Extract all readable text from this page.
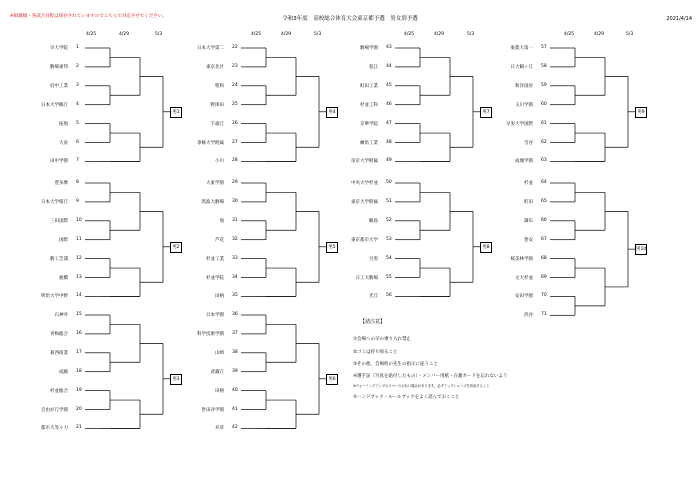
※掲載順・各試合日程は保存されていますのでこちらで対応させてください。	令和3年度　高校総合体育大会東京都予選　男女別予選	2021/4/14
4/25	4/29	5/3	4/25	4/29	5/3	4/25	4/29	5/3	4/25	4/29	5/3
早大学院 1
駒場東邦 2
府中工業 3
日本大学鶴丘 4
拓殖 5
大泉 6
田中学園 7
男1
豊多摩 8
日本大学桜丘 9
三田国際 10
国際 11
駒工芝浦 12
板橋 13
明治大学中野 14
男2
石神井 15
青梅総合 16
葛西商業 17
成蹊 18
杉並総合 19
自由が丘学園 20
都市大等々力 21
男3
日本大学第二 22
東京北区 23
聖和 24
野津田 25
千歳丘 26
専修大学附属 27
小川 28
男4
大東学園 29
筑波大駒場 30
飛 31
芦花 32
杉並工業 33
杉並学院 34
田柄 35
男5
日本学園 36
科学技術学園 37
山崎 38
武蔵丘 39
田柄 40
世田谷学園 41
井草 42
男6
駒場学園 43
狛江 44
町田工業 45
杉並工科 46
京華学院 47
練馬工業 48
帝京大学附属 49
男7
中央大学杉並 50
東京大学附属 51
鶴島 52
東京都市大学 53
目黒 54
日工大駒場 55
光丘 56
男8
東農大第一 57
日大鶴ヶ丘 58
和洋国府 59
玉川学園 60
早実大学国際 61
雪谷 62
成城学園 63
男9
杉並 64
町田 65
調布 66
豊安 67
桜美林学園 68
文大杉並 69
安田学園 70
淡谷 71
男10
【諸注意】
①会場への早の乗り入れ禁止
②ゴミは持ち帰ること
③その他、会場校の先生の指示に従うこと
④選手証（写真を貼付したもの）・メンバー用紙・在籍カードを忘れないよう
※ウォーミングアップのスペースがない場合があります。必ずアップシューズを持参すること
⑤ハンドブック・ルールブックをよく読んでおくこと
